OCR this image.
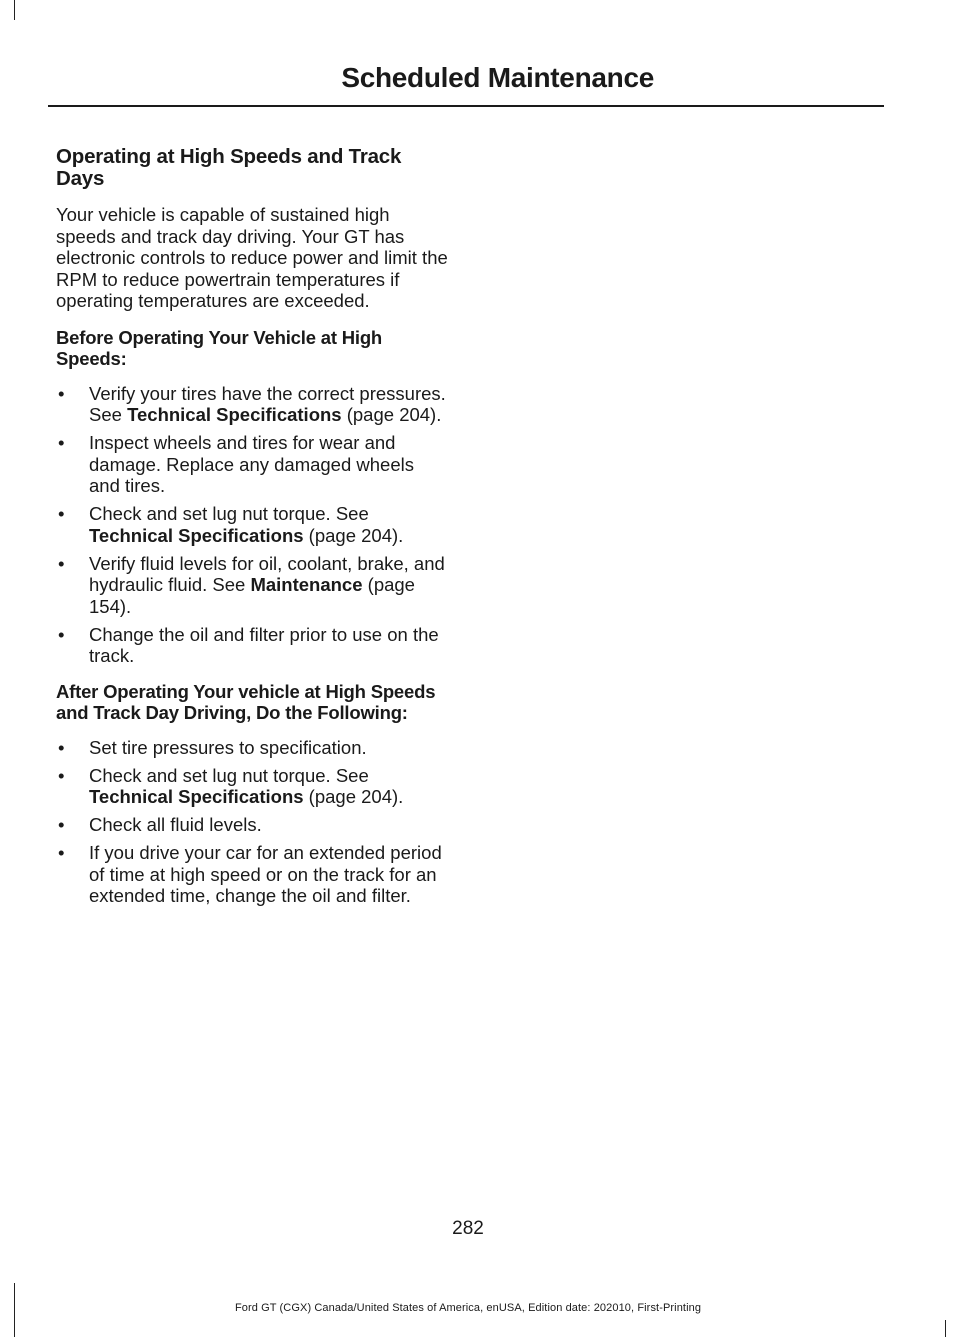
Scheduled Maintenance
Operating at High Speeds and Track Days

Your vehicle is capable of sustained high speeds and track day driving. Your GT has electronic controls to reduce power and limit the RPM to reduce powertrain temperatures if operating temperatures are exceeded.

Before Operating Your Vehicle at High Speeds:
• Verify your tires have the correct pressures. See Technical Specifications (page 204).
• Inspect wheels and tires for wear and damage. Replace any damaged wheels and tires.
• Check and set lug nut torque. See Technical Specifications (page 204).
• Verify fluid levels for oil, coolant, brake, and hydraulic fluid. See Maintenance (page 154).
• Change the oil and filter prior to use on the track.
After Operating Your vehicle at High Speeds and Track Day Driving, Do the Following:
• Set tire pressures to specification.
• Check and set lug nut torque. See Technical Specifications (page 204).
• Check all fluid levels.
• If you drive your car for an extended period of time at high speed or on the track for an extended time, change the oil and filter.
282
Ford GT (CGX) Canada/United States of America, enUSA, Edition date: 202010, First-Printing
